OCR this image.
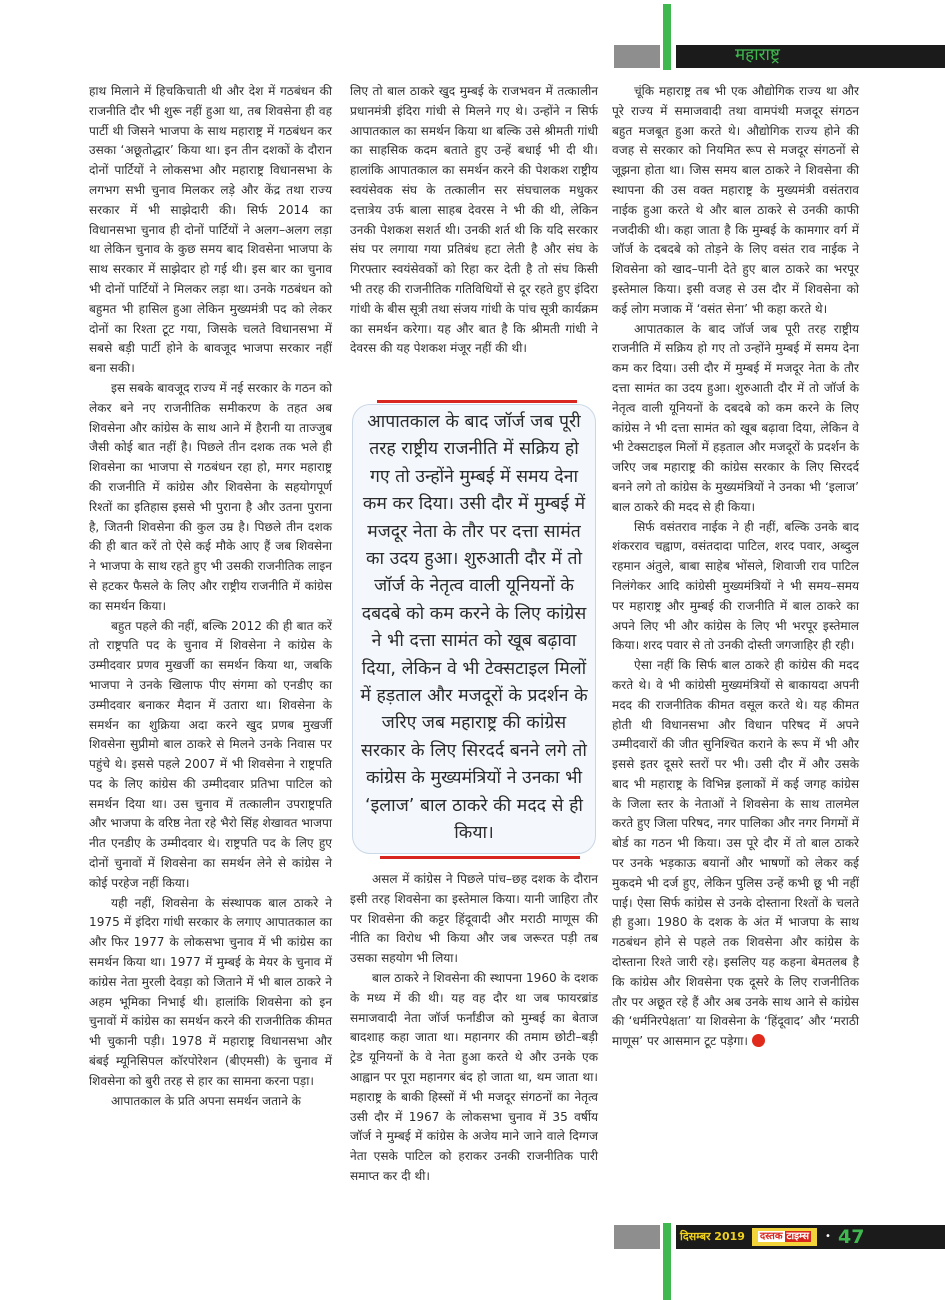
महाराष्ट्र

हाथ मिलाने में हिचकिचाती थी और देश में गठबंधन की राजनीति दौर भी शुरू नहीं हुआ था, तब शिवसेना ही वह पार्टी थी जिसने भाजपा के साथ महाराष्ट्र में गठबंधन कर उसका ‘अछूतोद्धार’ किया था। इन तीन दशकों के दौरान दोनों पार्टियों ने लोकसभा और महाराष्ट्र विधानसभा के लगभग सभी चुनाव मिलकर लड़े और केंद्र तथा राज्य सरकार में भी साझेदारी की। सिर्फ 2014 का विधानसभा चुनाव ही दोनों पार्टियों ने अलग–अलग लड़ा था लेकिन चुनाव के कुछ समय बाद शिवसेना भाजपा के साथ सरकार में साझेदार हो गई थी। इस बार का चुनाव भी दोनों पार्टियों ने मिलकर लड़ा था। उनके गठबंधन को बहुमत भी हासिल हुआ लेकिन मुख्यमंत्री पद को लेकर दोनों का रिश्ता टूट गया, जिसके चलते विधानसभा में सबसे बड़ी पार्टी होने के बावजूद भाजपा सरकार नहीं बना सकी।

इस सबके बावजूद राज्य में नई सरकार के गठन को लेकर बने नए राजनीतिक समीकरण के तहत अब शिवसेना और कांग्रेस के साथ आने में हैरानी या ताज्जुब जैसी कोई बात नहीं है। पिछले तीन दशक तक भले ही शिवसेना का भाजपा से गठबंधन रहा हो, मगर महाराष्ट्र की राजनीति में कांग्रेस और शिवसेना के सहयोगपूर्ण रिश्तों का इतिहास इससे भी पुराना है और उतना पुराना है, जितनी शिवसेना की कुल उम्र है। पिछले तीन दशक की ही बात करें तो ऐसे कई मौके आए हैं जब शिवसेना ने भाजपा के साथ रहते हुए भी उसकी राजनीतिक लाइन से हटकर फैसले के लिए और राष्ट्रीय राजनीति में कांग्रेस का समर्थन किया।

बहुत पहले की नहीं, बल्कि 2012 की ही बात करें तो राष्ट्रपति पद के चुनाव में शिवसेना ने कांग्रेस के उम्मीदवार प्रणव मुखर्जी का समर्थन किया था, जबकि भाजपा ने उनके खिलाफ पीए संगमा को एनडीए का उम्मीदवार बनाकर मैदान में उतारा था। शिवसेना के समर्थन का शुक्रिया अदा करने खुद प्रणब मुखर्जी शिवसेना सुप्रीमो बाल ठाकरे से मिलने उनके निवास पर पहुंचे थे। इससे पहले 2007 में भी शिवसेना ने राष्ट्रपति पद के लिए कांग्रेस की उम्मीदवार प्रतिभा पाटिल को समर्थन दिया था। उस चुनाव में तत्कालीन उपराष्ट्रपति और भाजपा के वरिष्ठ नेता रहे भैरो सिंह शेखावत भाजपा नीत एनडीए के उम्मीदवार थे। राष्ट्रपति पद के लिए हुए दोनों चुनावों में शिवसेना का समर्थन लेने से कांग्रेस ने कोई परहेज नहीं किया।

यही नहीं, शिवसेना के संस्थापक बाल ठाकरे ने 1975 में इंदिरा गांधी सरकार के लगाए आपातकाल का और फिर 1977 के लोकसभा चुनाव में भी कांग्रेस का समर्थन किया था। 1977 में मुम्बई के मेयर के चुनाव में कांग्रेस नेता मुरली देवड़ा को जिताने में भी बाल ठाकरे ने अहम भूमिका निभाई थी। हालांकि शिवसेना को इन चुनावों में कांग्रेस का समर्थन करने की राजनीतिक कीमत भी चुकानी पड़ी। 1978 में महाराष्ट्र विधानसभा और बंबई म्यूनिसिपल कॉरपोरेशन (बीएमसी) के चुनाव में शिवसेना को बुरी तरह से हार का सामना करना पड़ा।

आपातकाल के प्रति अपना समर्थन जताने के

लिए तो बाल ठाकरे खुद मुम्बई के राजभवन में तत्कालीन प्रधानमंत्री इंदिरा गांधी से मिलने गए थे। उन्होंने न सिर्फ आपातकाल का समर्थन किया था बल्कि उसे श्रीमती गांधी का साहसिक कदम बताते हुए उन्हें बधाई भी दी थी। हालांकि आपातकाल का समर्थन करने की पेशकश राष्ट्रीय स्वयंसेवक संघ के तत्कालीन सर संघचालक मधुकर दत्तात्रेय उर्फ बाला साहब देवरस ने भी की थी, लेकिन उनकी पेशकश सशर्त थी। उनकी शर्त थी कि यदि सरकार संघ पर लगाया गया प्रतिबंध हटा लेती है और संघ के गिरफ्तार स्वयंसेवकों को रिहा कर देती है तो संघ किसी भी तरह की राजनीतिक गतिविधियों से दूर रहते हुए इंदिरा गांधी के बीस सूत्री तथा संजय गांधी के पांच सूत्री कार्यक्रम का समर्थन करेगा। यह और बात है कि श्रीमती गांधी ने देवरस की यह पेशकश मंजूर नहीं की थी।

आपातकाल के बाद जॉर्ज जब पूरी तरह राष्ट्रीय राजनीति में सक्रिय हो गए तो उन्होंने मुम्बई में समय देना कम कर दिया। उसी दौर में मुम्बई में मजदूर नेता के तौर पर दत्ता सामंत का उदय हुआ। शुरुआती दौर में तो जॉर्ज के नेतृत्व वाली यूनियनों के दबदबे को कम करने के लिए कांग्रेस ने भी दत्ता सामंत को खूब बढ़ावा दिया, लेकिन वे भी टेक्सटाइल मिलों में हड़ताल और मजदूरों के प्रदर्शन के जरिए जब महाराष्ट्र की कांग्रेस सरकार के लिए सिरदर्द बनने लगे तो कांग्रेस के मुख्यमंत्रियों ने उनका भी ‘इलाज’ बाल ठाकरे की मदद से ही किया।

असल में कांग्रेस ने पिछले पांच–छह दशक के दौरान इसी तरह शिवसेना का इस्तेमाल किया। यानी जाहिरा तौर पर शिवसेना की कट्टर हिंदूवादी और मराठी माणूस की नीति का विरोध भी किया और जब जरूरत पड़ी तब उसका सहयोग भी लिया।

बाल ठाकरे ने शिवसेना की स्थापना 1960 के दशक के मध्य में की थी। यह वह दौर था जब फायरब्रांड समाजवादी नेता जॉर्ज फर्नांडीज को मुम्बई का बेताज बादशाह कहा जाता था। महानगर की तमाम छोटी–बड़ी ट्रेड यूनियनों के वे नेता हुआ करते थे और उनके एक आह्वान पर पूरा महानगर बंद हो जाता था, थम जाता था। महाराष्ट्र के बाकी हिस्सों में भी मजदूर संगठनों का नेतृत्व उसी दौर में 1967 के लोकसभा चुनाव में 35 वर्षीय जॉर्ज ने मुम्बई में कांग्रेस के अजेय माने जाने वाले दिग्गज नेता एसके पाटिल को हराकर उनकी राजनीतिक पारी समाप्त कर दी थी।

चूंकि महाराष्ट्र तब भी एक औद्योगिक राज्य था और पूरे राज्य में समाजवादी तथा वामपंथी मजदूर संगठन बहुत मजबूत हुआ करते थे। औद्योगिक राज्य होने की वजह से सरकार को नियमित रूप से मजदूर संगठनों से जूझना होता था। जिस समय बाल ठाकरे ने शिवसेना की स्थापना की उस वक्त महाराष्ट्र के मुख्यमंत्री वसंतराव नाईक हुआ करते थे और बाल ठाकरे से उनकी काफी नजदीकी थी। कहा जाता है कि मुम्बई के कामगार वर्ग में जॉर्ज के दबदबे को तोड़ने के लिए वसंत राव नाईक ने शिवसेना को खाद–पानी देते हुए बाल ठाकरे का भरपूर इस्तेमाल किया। इसी वजह से उस दौर में शिवसेना को कई लोग मजाक में ‘वसंत सेना’ भी कहा करते थे।

आपातकाल के बाद जॉर्ज जब पूरी तरह राष्ट्रीय राजनीति में सक्रिय हो गए तो उन्होंने मुम्बई में समय देना कम कर दिया। उसी दौर में मुम्बई में मजदूर नेता के तौर दत्ता सामंत का उदय हुआ। शुरुआती दौर में तो जॉर्ज के नेतृत्व वाली यूनियनों के दबदबे को कम करने के लिए कांग्रेस ने भी दत्ता सामंत को खूब बढ़ावा दिया, लेकिन वे भी टेक्सटाइल मिलों में हड़ताल और मजदूरों के प्रदर्शन के जरिए जब महाराष्ट्र की कांग्रेस सरकार के लिए सिरदर्द बनने लगे तो कांग्रेस के मुख्यमंत्रियों ने उनका भी ‘इलाज’ बाल ठाकरे की मदद से ही किया।

सिर्फ वसंतराव नाईक ने ही नहीं, बल्कि उनके बाद शंकरराव चह्वाण, वसंतदादा पाटिल, शरद पवार, अब्दुल रहमान अंतुले, बाबा साहेब भोंसले, शिवाजी राव पाटिल निलंगेकर आदि कांग्रेसी मुख्यमंत्रियों ने भी समय–समय पर महाराष्ट्र और मुम्बई की राजनीति में बाल ठाकरे का अपने लिए भी और कांग्रेस के लिए भी भरपूर इस्तेमाल किया। शरद पवार से तो उनकी दोस्ती जगजाहिर ही रही।

ऐसा नहीं कि सिर्फ बाल ठाकरे ही कांग्रेस की मदद करते थे। वे भी कांग्रेसी मुख्यमंत्रियों से बाकायदा अपनी मदद की राजनीतिक कीमत वसूल करते थे। यह कीमत होती थी विधानसभा और विधान परिषद में अपने उम्मीदवारों की जीत सुनिश्चित कराने के रूप में भी और इससे इतर दूसरे स्तरों पर भी। उसी दौर में और उसके बाद भी महाराष्ट्र के विभिन्न इलाकों में कई जगह कांग्रेस के जिला स्तर के नेताओं ने शिवसेना के साथ तालमेल करते हुए जिला परिषद, नगर पालिका और नगर निगमों में बोर्ड का गठन भी किया। उस पूरे दौर में तो बाल ठाकरे पर उनके भड़काऊ बयानों और भाषणों को लेकर कई मुकदमे भी दर्ज हुए, लेकिन पुलिस उन्हें कभी छू भी नहीं पाई। ऐसा सिर्फ कांग्रेस से उनके दोस्ताना रिश्तों के चलते ही हुआ। 1980 के दशक के अंत में भाजपा के साथ गठबंधन होने से पहले तक शिवसेना और कांग्रेस के दोस्ताना रिश्ते जारी रहे। इसलिए यह कहना बेमतलब है कि कांग्रेस और शिवसेना एक दूसरे के लिए राजनीतिक तौर पर अछूत रहे हैं और अब उनके साथ आने से कांग्रेस की ‘धर्मनिरपेक्षता’ या शिवसेना के ‘हिंदूवाद’ और ‘मराठी माणूस’ पर आसमान टूट पड़ेगा।

दिसम्बर 2019	दस्तक टाइम्स	• 47
